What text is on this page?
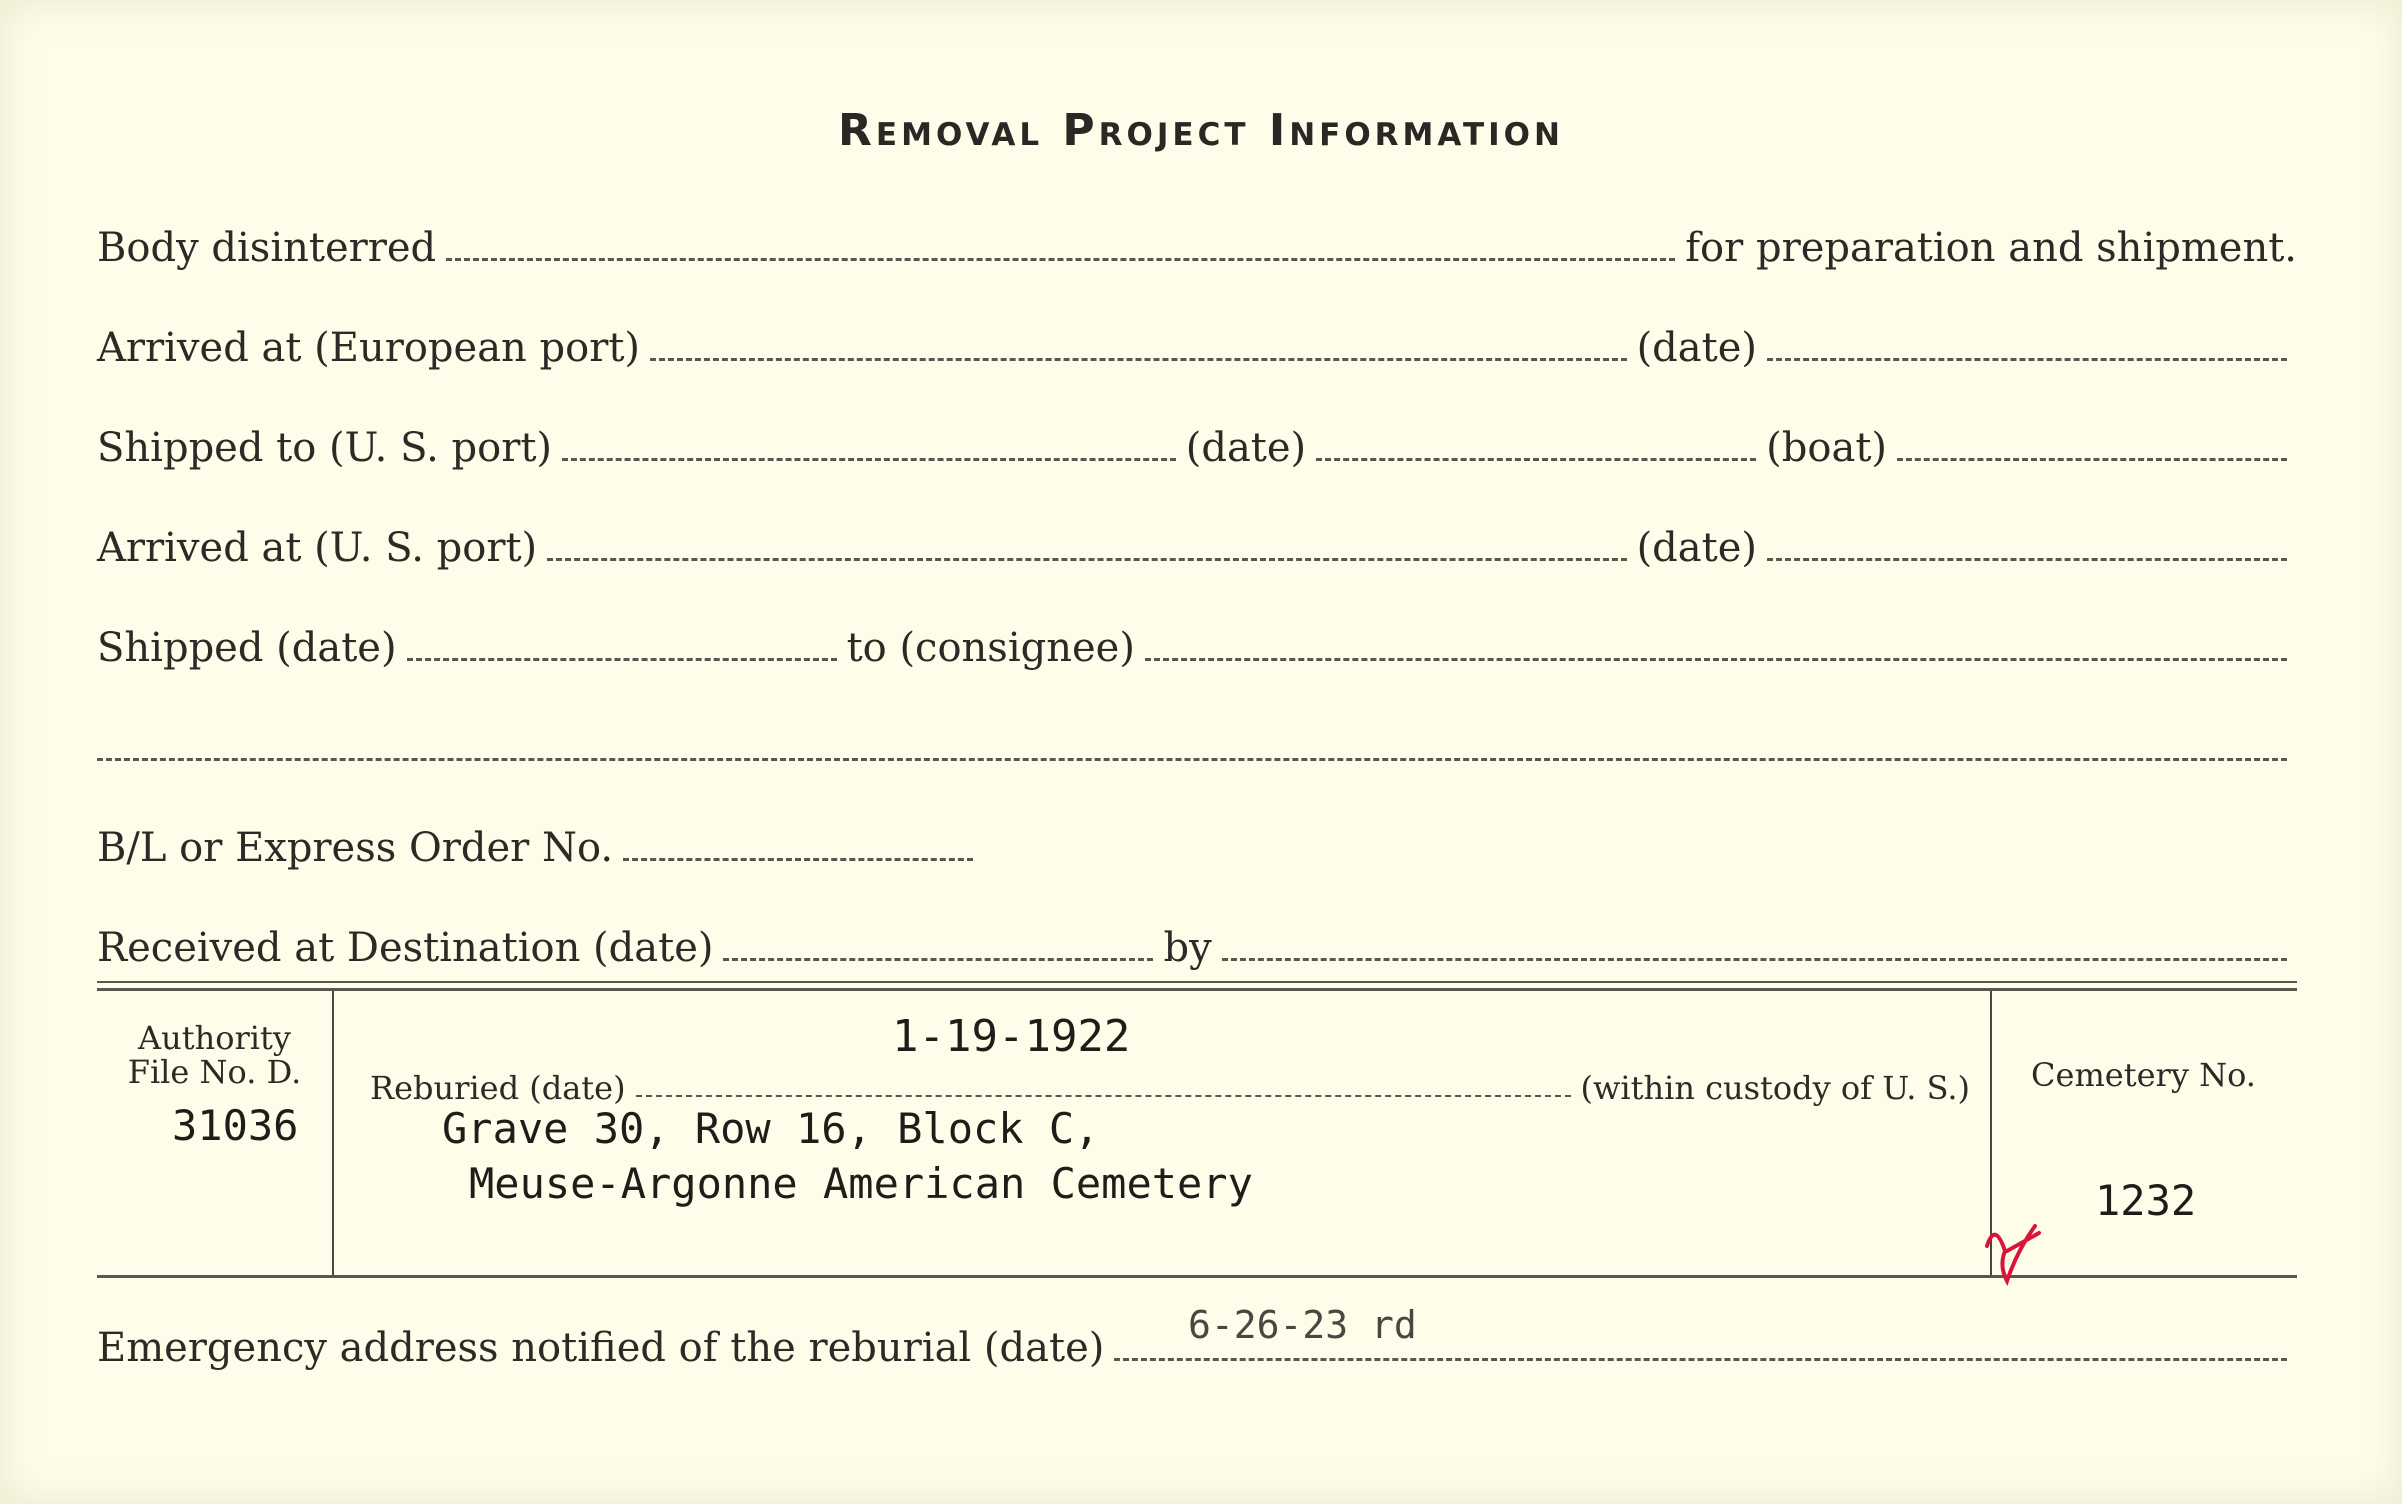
Removal Project Information
Body disinterred	for preparation and shipment.
Arrived at (European port)	(date)
Shipped to (U. S. port)	(date)	(boat)
Arrived at (U. S. port)	(date)
Shipped (date)	to (consignee)
B/L or Express Order No.
Received at Destination (date)	by
Authority
File No. D.
31036
1-19-1922
Reburied (date)	(within custody of U. S.)
Grave 30, Row 16, Block C,
Meuse-Argonne American Cemetery
Cemetery No.
1232
Emergency address notified of the reburial (date) 6-26-23 rd
